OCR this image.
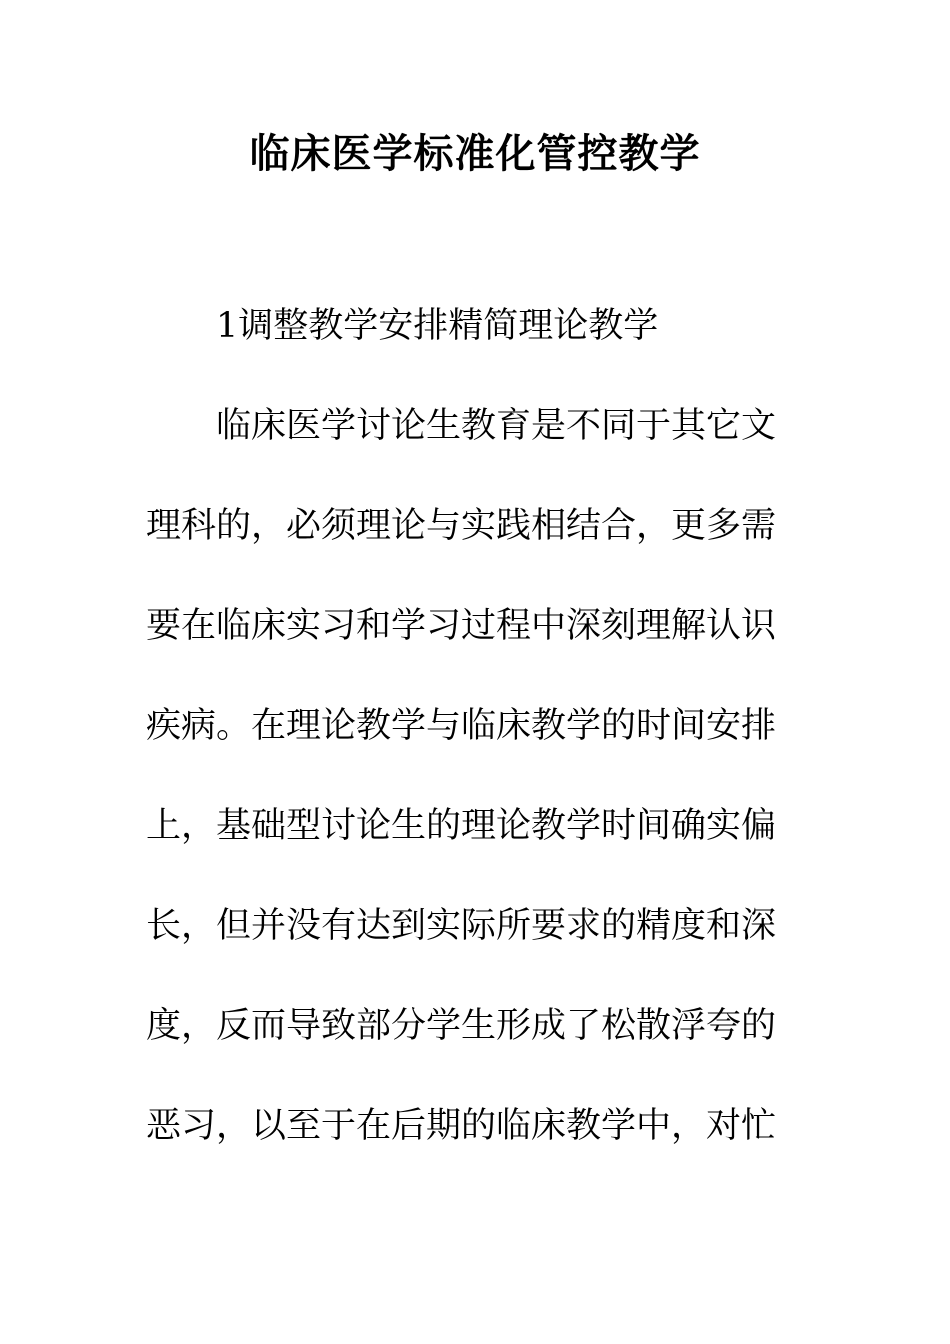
临床医学标准化管控教学

1调整教学安排精简理论教学

临床医学讨论生教育是不同于其它文

理科的，必须理论与实践相结合，更多需

要在临床实习和学习过程中深刻理解认识

疾病。在理论教学与临床教学的时间安排

上，基础型讨论生的理论教学时间确实偏

长，但并没有达到实际所要求的精度和深

度，反而导致部分学生形成了松散浮夸的

恶习，以至于在后期的临床教学中，对忙
